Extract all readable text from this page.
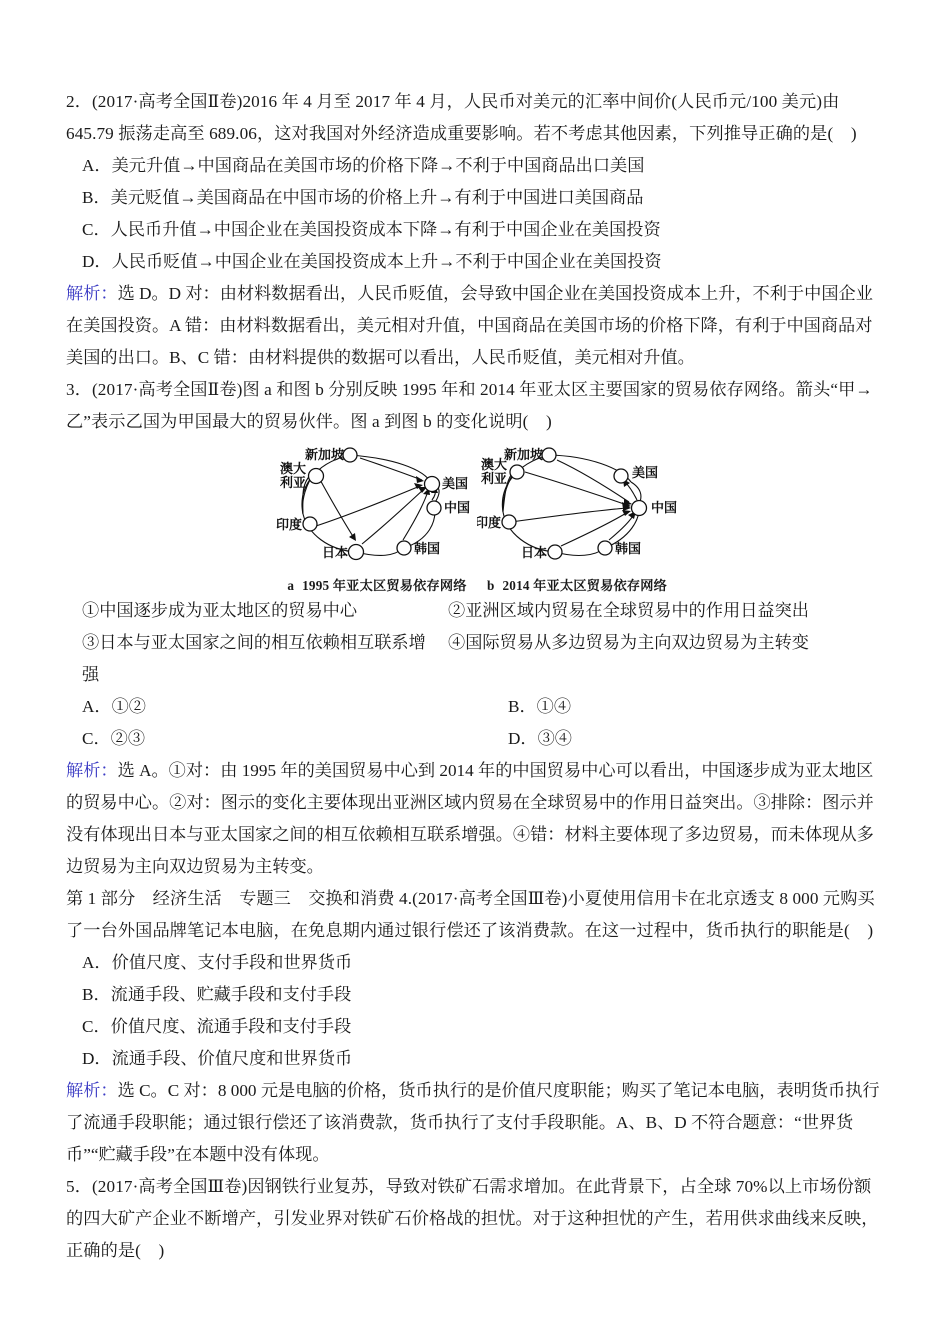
2．(2017·高考全国Ⅱ卷)2016 年 4 月至 2017 年 4 月，人民币对美元的汇率中间价(人民币元/100 美元)由 645.79 振荡走高至 689.06，这对我国对外经济造成重要影响。若不考虑其他因素，下列推导正确的是(    )
A．美元升值→中国商品在美国市场的价格下降→不利于中国商品出口美国
B．美元贬值→美国商品在中国市场的价格上升→有利于中国进口美国商品
C．人民币升值→中国企业在美国投资成本下降→有利于中国企业在美国投资
D．人民币贬值→中国企业在美国投资成本上升→不利于中国企业在美国投资
解析：选 D。D 对：由材料数据看出，人民币贬值，会导致中国企业在美国投资成本上升，不利于中国企业在美国投资。A 错：由材料数据看出，美元相对升值，中国商品在美国市场的价格下降，有利于中国商品对美国的出口。B、C 错：由材料提供的数据可以看出，人民币贬值，美元相对升值。
3．(2017·高考全国Ⅱ卷)图 a 和图 b 分别反映 1995 年和 2014 年亚太区主要国家的贸易依存网络。箭头“甲→乙”表示乙国为甲国最大的贸易伙伴。图 a 到图 b 的变化说明(    )
新加坡
美国
中国
韩国
日本
印度
澳大
利亚
新加坡
美国
中国
韩国
日本
印度
澳大
利亚
a 1995 年亚太区贸易依存网络	b 2014 年亚太区贸易依存网络
①中国逐步成为亚太地区的贸易中心	②亚洲区域内贸易在全球贸易中的作用日益突出
③日本与亚太国家之间的相互依赖相互联系增强
④国际贸易从多边贸易为主向双边贸易为主转变
A．①②	B．①④
C．②③	D．③④
解析：选 A。①对：由 1995 年的美国贸易中心到 2014 年的中国贸易中心可以看出，中国逐步成为亚太地区的贸易中心。②对：图示的变化主要体现出亚洲区域内贸易在全球贸易中的作用日益突出。③排除：图示并没有体现出日本与亚太国家之间的相互依赖相互联系增强。④错：材料主要体现了多边贸易，而未体现从多边贸易为主向双边贸易为主转变。
第 1 部分　经济生活　专题三　交换和消费 4.(2017·高考全国Ⅲ卷)小夏使用信用卡在北京透支 8 000 元购买了一台外国品牌笔记本电脑，在免息期内通过银行偿还了该消费款。在这一过程中，货币执行的职能是(    )
A．价值尺度、支付手段和世界货币
B．流通手段、贮藏手段和支付手段
C．价值尺度、流通手段和支付手段
D．流通手段、价值尺度和世界货币
解析：选 C。C 对：8 000 元是电脑的价格，货币执行的是价值尺度职能；购买了笔记本电脑，表明货币执行了流通手段职能；通过银行偿还了该消费款，货币执行了支付手段职能。A、B、D 不符合题意：“世界货币”“贮藏手段”在本题中没有体现。
5．(2017·高考全国Ⅲ卷)因钢铁行业复苏，导致对铁矿石需求增加。在此背景下，占全球 70%以上市场份额的四大矿产企业不断增产，引发业界对铁矿石价格战的担忧。对于这种担忧的产生，若用供求曲线来反映，正确的是(    )
